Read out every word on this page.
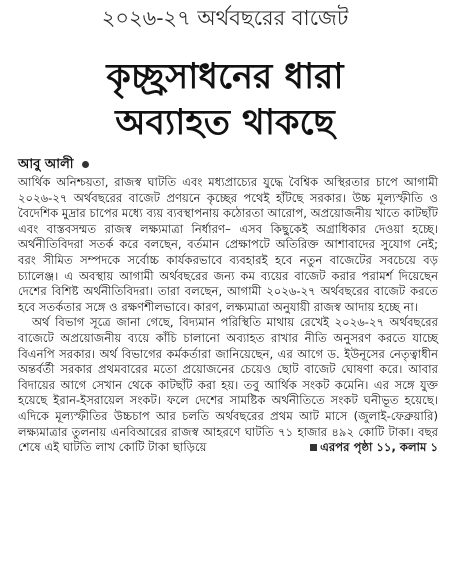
২০২৬-২৭ অর্থবছরের বাজেট
কৃচ্ছ্রসাধনের ধারা
অব্যাহত থাকছে
আবু আলী

আর্থিক অনিশ্চয়তা, রাজস্ব ঘাটতি এবং মধ্যপ্রাচ্যের যুদ্ধে বৈশ্বিক অস্থিরতার চাপে আগামী ২০২৬-২৭ অর্থবছরের বাজেট প্রণয়নে কৃচ্ছের পথেই হাঁটছে সরকার। উচ্চ মূল্যস্ফীতি ও বৈদেশিক মুদ্রার চাপের মধ্যে ব্যয় ব্যবস্থাপনায় কঠোরতা আরোপ, অপ্রয়োজনীয় খাতে কাটছাঁট এবং বাস্তবসম্মত রাজস্ব লক্ষ্যমাত্রা নির্ধারণ– এসব কিছুকেই অগ্রাধিকার দেওয়া হচ্ছে। অর্থনীতিবিদরা সতর্ক করে বলছেন, বর্তমান প্রেক্ষাপটে অতিরিক্ত আশাবাদের সুযোগ নেই; বরং সীমিত সম্পদকে সর্বোচ্চ কার্যকরভাবে ব্যবহারই হবে নতুন বাজেটের সবচেয়ে বড় চ্যালেঞ্জ। এ অবস্থায় আগামী অর্থবছরের জন্য কম ব্যয়ের বাজেট করার পরামর্শ দিয়েছেন দেশের বিশিষ্ট অর্থনীতিবিদরা। তারা বলছেন, আগামী ২০২৬-২৭ অর্থবছরের বাজেট করতে হবে সতর্কতার সঙ্গে ও রক্ষণশীলভাবে। কারণ, লক্ষ্যমাত্রা অনুযায়ী রাজস্ব আদায় হচ্ছে না।

অর্থ বিভাগ সূত্রে জানা গেছে, বিদ্যমান পরিস্থিতি মাথায় রেখেই ২০২৬-২৭ অর্থবছরের বাজেটে অপ্রয়োজনীয় ব্যয়ে কাঁচি চালানো অব্যাহত রাখার নীতি অনুসরণ করতে যাচ্ছে বিএনপি সরকার। অর্থ বিভাগের কর্মকর্তারা জানিয়েছেন, এর আগে ড. ইউনূসের নেতৃত্বাধীন অন্তর্বর্তী সরকার প্রথমবারের মতো প্রয়োজনের চেয়েও ছোট বাজেট ঘোষণা করে। আবার বিদায়ের আগে সেখান থেকে কাটছাঁট করা হয়। তবু আর্থিক সংকট কমেনি। এর সঙ্গে যুক্ত হয়েছে ইরান-ইসরায়েল সংকট। ফলে দেশের সামষ্টিক অর্থনীতিতে সংকট ঘনীভূত হয়েছে। এদিকে মূল্যস্ফীতির উচ্চচাপ আর চলতি অর্থবছরের প্রথম আট মাসে (জুলাই-ফেব্রুয়ারি) লক্ষ্যমাত্রার তুলনায় এনবিআরের রাজস্ব আহরণে ঘাটতি ৭১ হাজার ৪৯২ কোটি টাকা। বছর শেষে এই ঘাটতি লাখ কোটি টাকা ছাড়িয়ে	এরপর পৃষ্ঠা ১১, কলাম ১
